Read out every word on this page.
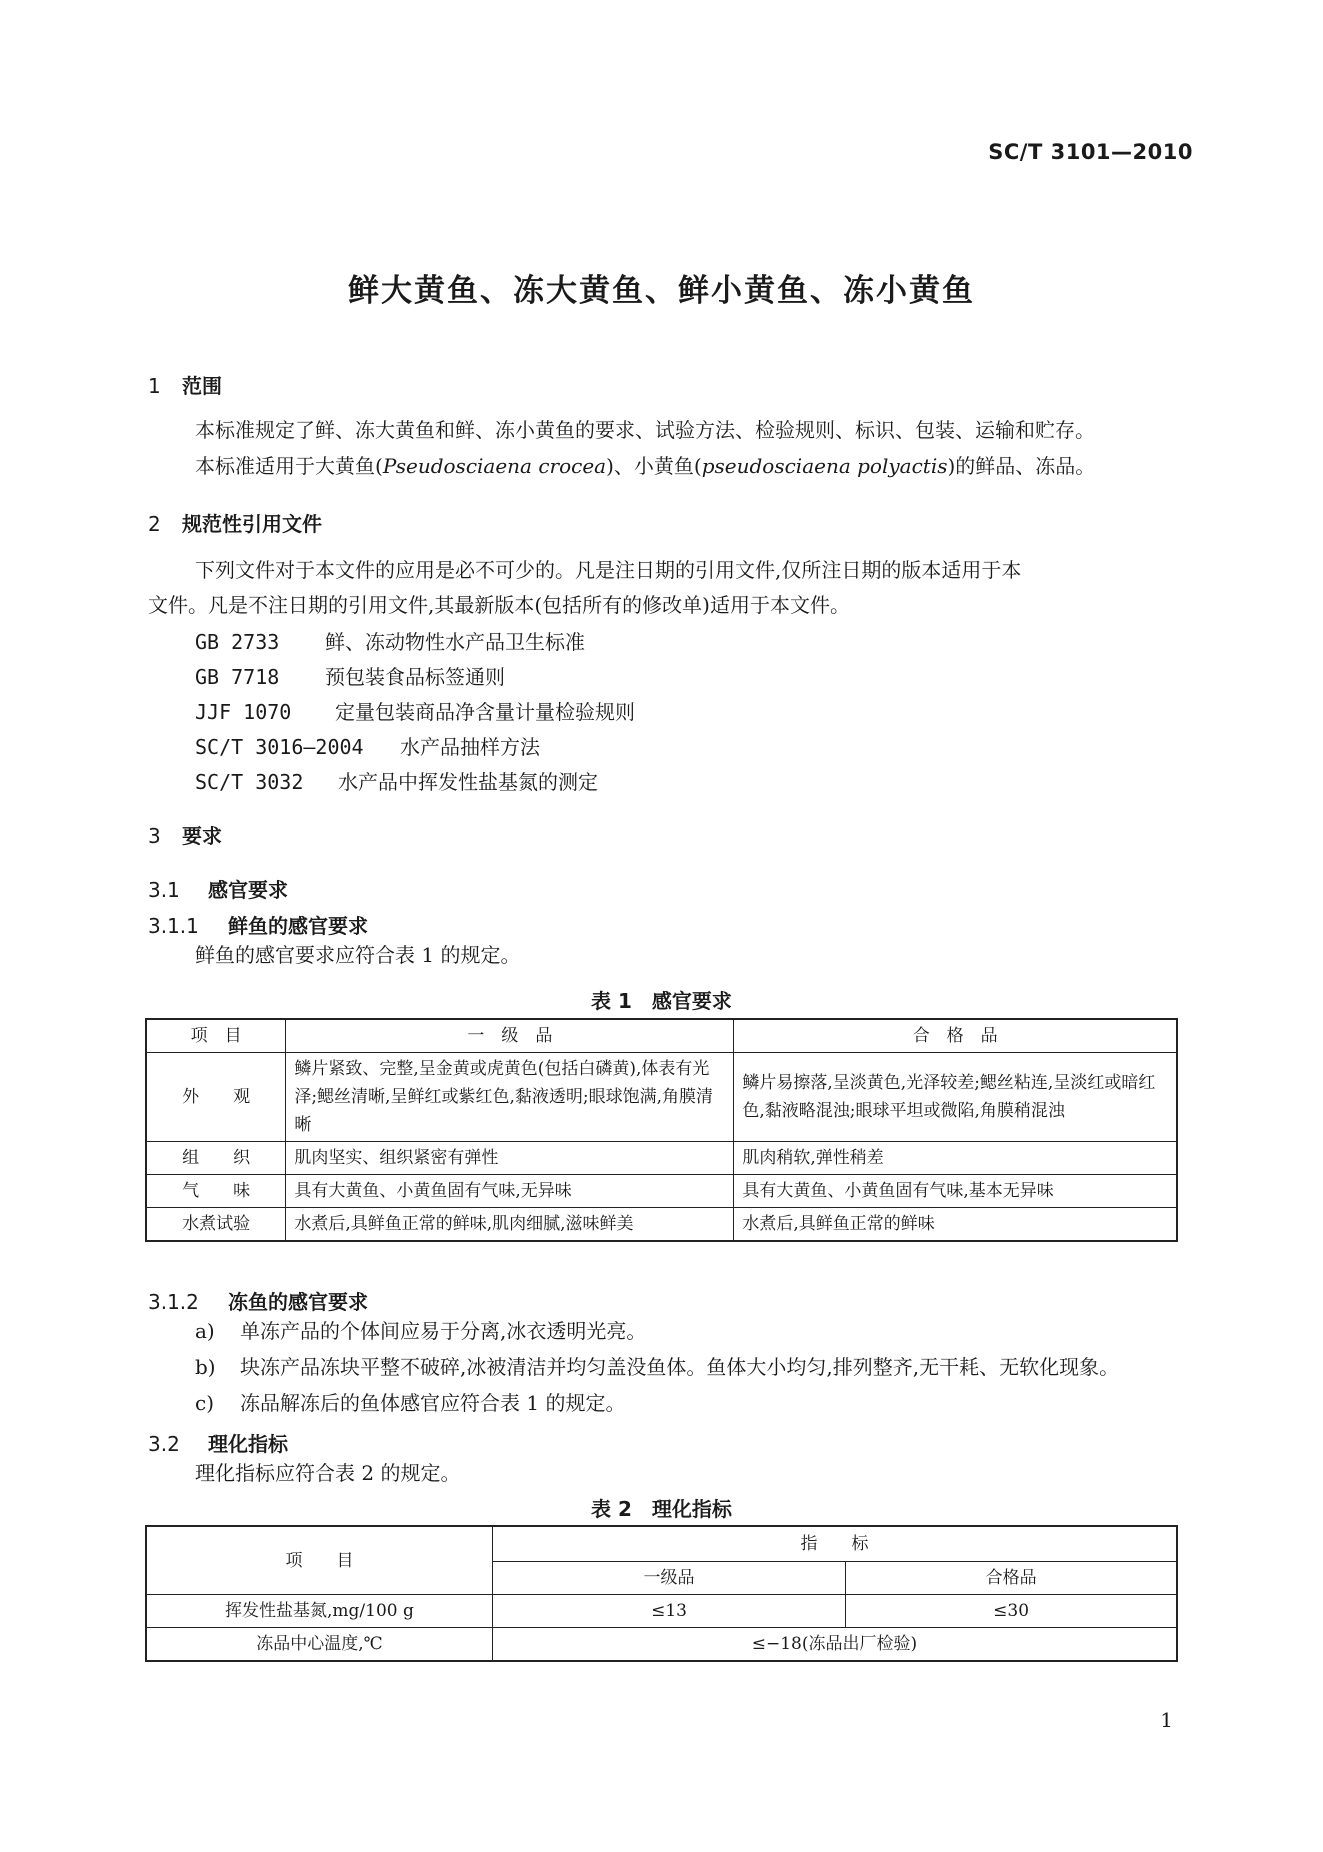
SC/T 3101—2010
鲜大黄鱼、冻大黄鱼、鲜小黄鱼、冻小黄鱼
1 范围
本标准规定了鲜、冻大黄鱼和鲜、冻小黄鱼的要求、试验方法、检验规则、标识、包装、运输和贮存。
本标准适用于大黄鱼(Pseudosciaena crocea)、小黄鱼(pseudosciaena polyactis)的鲜品、冻品。
2 规范性引用文件
下列文件对于本文件的应用是必不可少的。凡是注日期的引用文件,仅所注日期的版本适用于本
文件。凡是不注日期的引用文件,其最新版本(包括所有的修改单)适用于本文件。
GB 2733 鲜、冻动物性水产品卫生标准
GB 7718 预包装食品标签通则
JJF 1070 定量包装商品净含量计量检验规则
SC/T 3016—2004 水产品抽样方法
SC/T 3032 水产品中挥发性盐基氮的测定
3 要求
3.1 感官要求
3.1.1 鲜鱼的感官要求
鲜鱼的感官要求应符合表 1 的规定。
表 1　感官要求
项　目	一　级　品	合　格　品
外　　观	鳞片紧致、完整,呈金黄或虎黄色(包括白磷黄),体表有光泽;鳃丝清晰,呈鲜红或紫红色,黏液透明;眼球饱满,角膜清晰	鳞片易擦落,呈淡黄色,光泽较差;鳃丝粘连,呈淡红或暗红色,黏液略混浊;眼球平坦或微陷,角膜稍混浊
组　　织	肌肉坚实、组织紧密有弹性	肌肉稍软,弹性稍差
气　　味	具有大黄鱼、小黄鱼固有气味,无异味	具有大黄鱼、小黄鱼固有气味,基本无异味
水煮试验	水煮后,具鲜鱼正常的鲜味,肌肉细腻,滋味鲜美	水煮后,具鲜鱼正常的鲜味
3.1.2 冻鱼的感官要求
a) 单冻产品的个体间应易于分离,冰衣透明光亮。
b) 块冻产品冻块平整不破碎,冰被清洁并均匀盖没鱼体。鱼体大小均匀,排列整齐,无干耗、无软化现象。
c) 冻品解冻后的鱼体感官应符合表 1 的规定。
3.2 理化指标
理化指标应符合表 2 的规定。
表 2　理化指标
项　　目	指　　标	
	一级品	合格品
挥发性盐基氮,mg/100 g	≤13	≤30
冻品中心温度,℃	≤−18(冻品出厂检验)	
1
